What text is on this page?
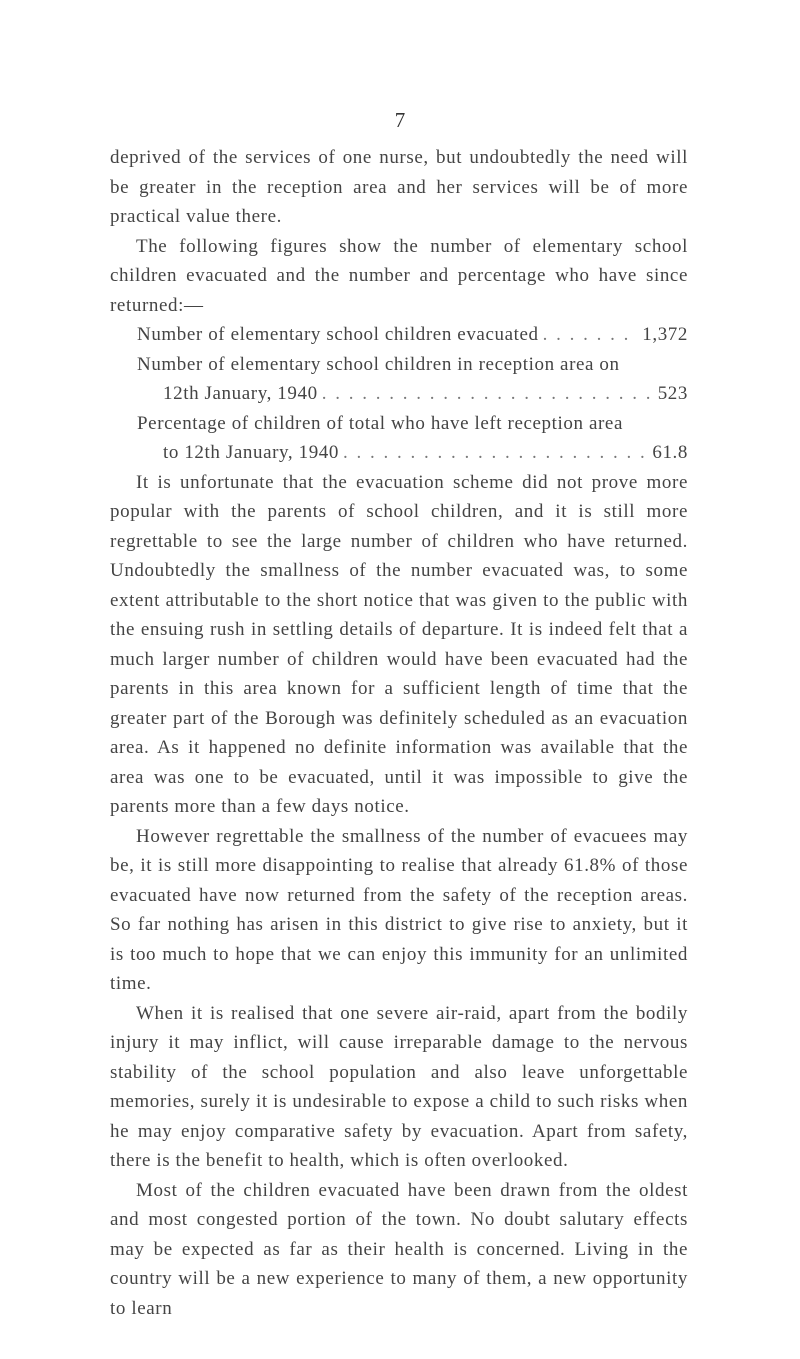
7

deprived of the services of one nurse, but undoubtedly the need will be greater in the reception area and her services will be of more practical value there.

The following figures show the number of elementary school children evacuated and the number and percentage who have since returned:—

Number of elementary school children evacuated . . .	1,372
Number of elementary school children in reception area on
12th January, 1940 . . .	523
Percentage of children of total who have left reception area
to 12th January, 1940 . . .	61.8

It is unfortunate that the evacuation scheme did not prove more popular with the parents of school children, and it is still more regrettable to see the large number of children who have returned. Undoubtedly the smallness of the number evacuated was, to some extent attributable to the short notice that was given to the public with the ensuing rush in settling details of departure. It is indeed felt that a much larger number of children would have been evacuated had the parents in this area known for a sufficient length of time that the greater part of the Borough was definitely scheduled as an evacuation area. As it happened no definite information was available that the area was one to be evacuated, until it was impossible to give the parents more than a few days notice.

However regrettable the smallness of the number of evacuees may be, it is still more disappointing to realise that already 61.8% of those evacuated have now returned from the safety of the reception areas. So far nothing has arisen in this district to give rise to anxiety, but it is too much to hope that we can enjoy this immunity for an unlimited time.

When it is realised that one severe air-raid, apart from the bodily injury it may inflict, will cause irreparable damage to the nervous stability of the school population and also leave unforgettable memories, surely it is undesirable to expose a child to such risks when he may enjoy comparative safety by evacuation. Apart from safety, there is the benefit to health, which is often overlooked.

Most of the children evacuated have been drawn from the oldest and most congested portion of the town. No doubt salutary effects may be expected as far as their health is concerned. Living in the country will be a new experience to many of them, a new opportunity to learn
